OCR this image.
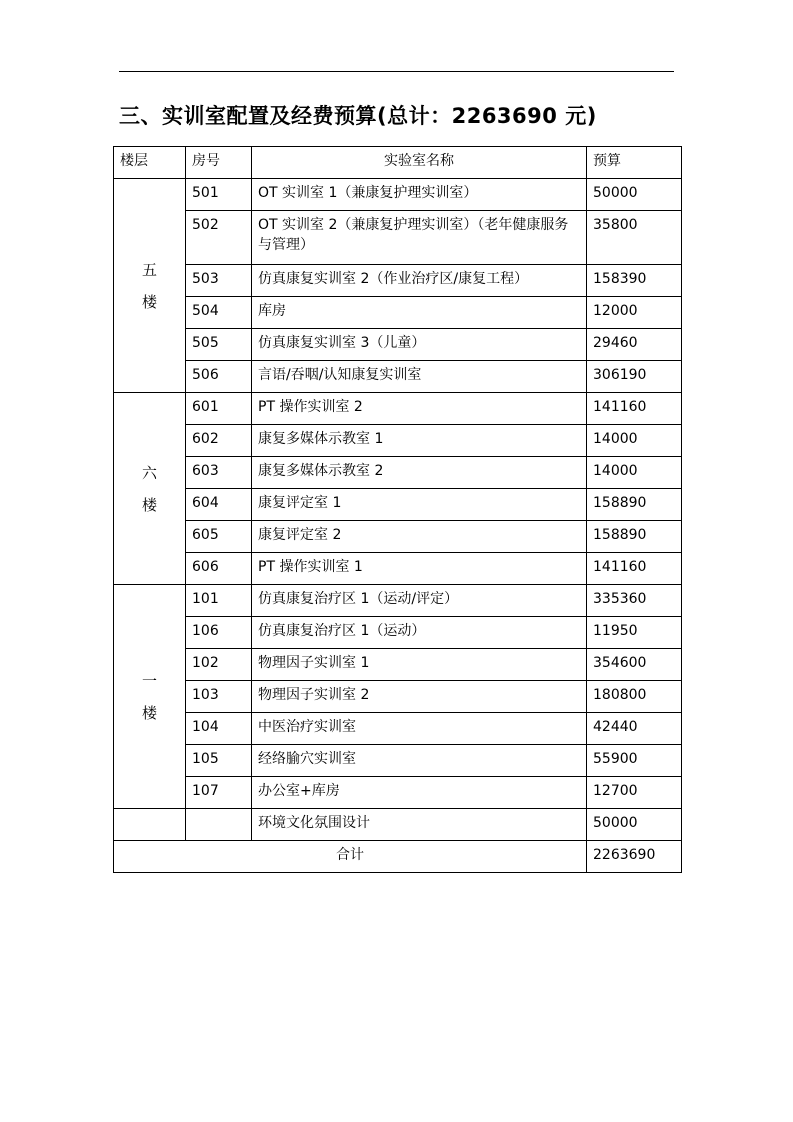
三、实训室配置及经费预算(总计：2263690 元)
楼层	房号	实验室名称	预算

五
楼	501	OT 实训室 1（兼康复护理实训室）	50000
	502	OT 实训室 2（兼康复护理实训室）（老年健康服务与管理）	35800
	503	仿真康复实训室 2（作业治疗区/康复工程）	158390
	504	库房	12000
	505	仿真康复实训室 3（儿童）	29460
	506	言语/吞咽/认知康复实训室	306190

六
楼	601	PT 操作实训室 2	141160
	602	康复多媒体示教室 1	14000
	603	康复多媒体示教室 2	14000
	604	康复评定室 1	158890
	605	康复评定室 2	158890
	606	PT 操作实训室 1	141160

一
楼	101	仿真康复治疗区 1（运动/评定）	335360
	106	仿真康复治疗区 1（运动）	11950
	102	物理因子实训室 1	354600
	103	物理因子实训室 2	180800
	104	中医治疗实训室	42440
	105	经络腧穴实训室	55900
	107	办公室+库房	12700
		环境文化氛围设计	50000
合计			2263690
